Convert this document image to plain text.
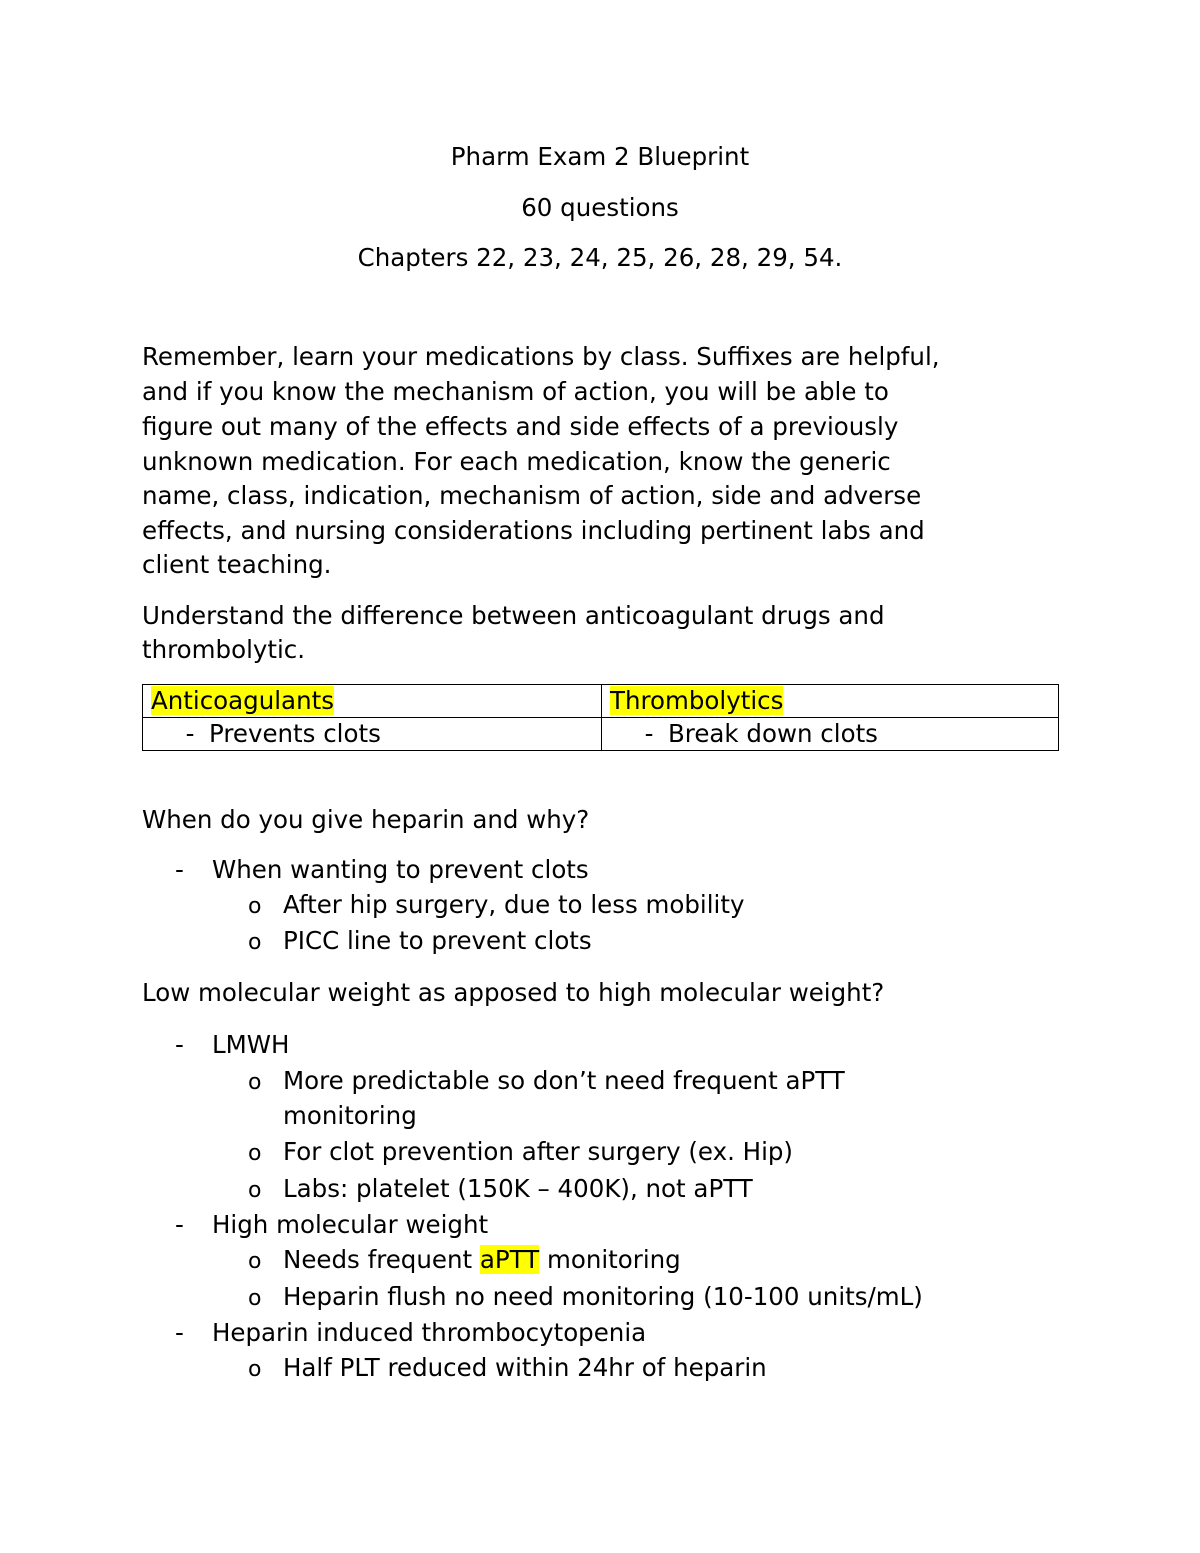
Pharm Exam 2 Blueprint
60 questions
Chapters 22, 23, 24, 25, 26, 28, 29, 54.
Remember, learn your medications by class. Suffixes are helpful,
and if you know the mechanism of action, you will be able to
figure out many of the effects and side effects of a previously
unknown medication. For each medication, know the generic
name, class, indication, mechanism of action, side and adverse
effects, and nursing considerations including pertinent labs and
client teaching.
Understand the difference between anticoagulant drugs and
thrombolytic.
Anticoagulants	Thrombolytics
- Prevents clots	- Break down clots
When do you give heparin and why?
- When wanting to prevent clots
o After hip surgery, due to less mobility
o PICC line to prevent clots
Low molecular weight as apposed to high molecular weight?
- LMWH
o More predictable so don’t need frequent aPTT
monitoring
o For clot prevention after surgery (ex. Hip)
o Labs: platelet (150K – 400K), not aPTT
- High molecular weight
o Needs frequent aPTT monitoring
o Heparin flush no need monitoring (10-100 units/mL)
- Heparin induced thrombocytopenia
o Half PLT reduced within 24hr of heparin
